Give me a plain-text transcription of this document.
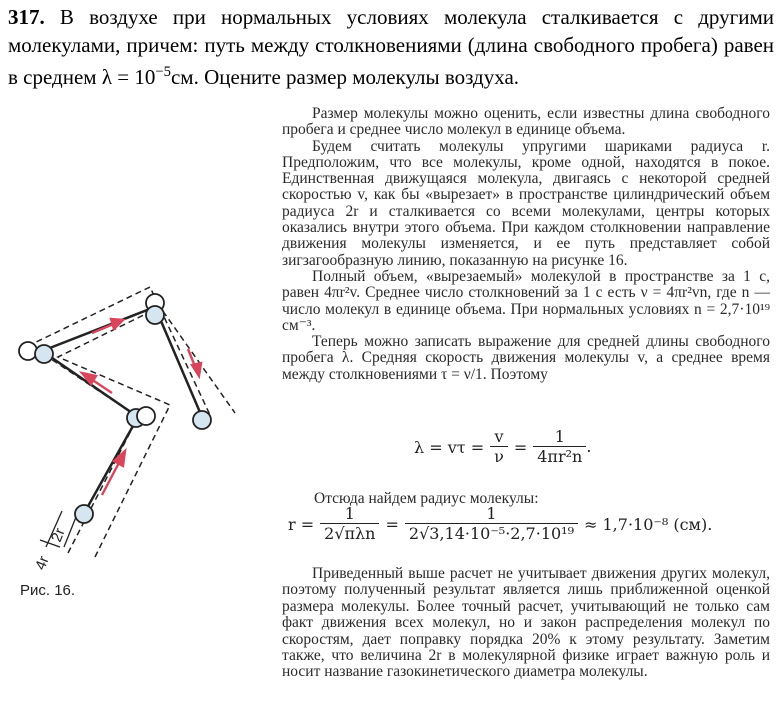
317. В воздухе при нормальных условиях молекула сталкивается с другими молекулами, причем: путь между столкновениями (длина свободного пробега) равен в среднем $\lambda = 10^{-5}см$. Оцените размер молекулы воздуха.

Размер молекулы можно оценить, если известны длина свободного пробега и среднее число молекул в единице объема.

Будем считать молекулы упругими шариками радиуса r. Предположим, что все молекулы, кроме одной, находятся в покое. Единственная движущаяся молекула, двигаясь с некоторой средней скоростью v, как бы «вырезает» в пространстве цилиндрический объем радиуса 2r и сталкивается со всеми молекулами, центры которых оказались внутри этого объема. При каждом столкновении направление движения молекулы изменяется, и ее путь представляет собой зигзагообразную линию, показанную на рисунке 16.

Полный объем, «вырезаемый» молекулой в пространстве за 1 с, равен 4πr²v. Среднее число столкновений за 1 с есть ν = 4πr²vn, где n — число молекул в единице объема. При нормальных условиях n = 2,7·10¹⁹ см⁻³.

Теперь можно записать выражение для средней длины свободного пробега λ. Средняя скорость движения молекулы v, а среднее время между столкновениями τ = ν/1. Поэтому

$\lambda = v\tau = \frac{v}{\nu} = \frac{1}{\text{4πr²n}}$ .
Отсюда найдем радиус молекулы:
$r = \frac{1}{\text{2√πλn}} = \frac{1}{\text{2√3,14·10⁻⁵·2,7·10¹⁹}} \approx 1,7\cdot 10^{-8}$ (см).

Приведенный выше расчет не учитывает движения других молекул, поэтому полученный результат является лишь приближенной оценкой размера молекулы. Более точный расчет, учитывающий не только сам факт движения всех молекул, но и закон распределения молекул по скоростям, дает поправку порядка 20% к этому результату. Заметим также, что величина 2r в молекулярной физике играет важную роль и носит название газокинетического диаметра молекулы.

2r
4r
Рис. 16.
